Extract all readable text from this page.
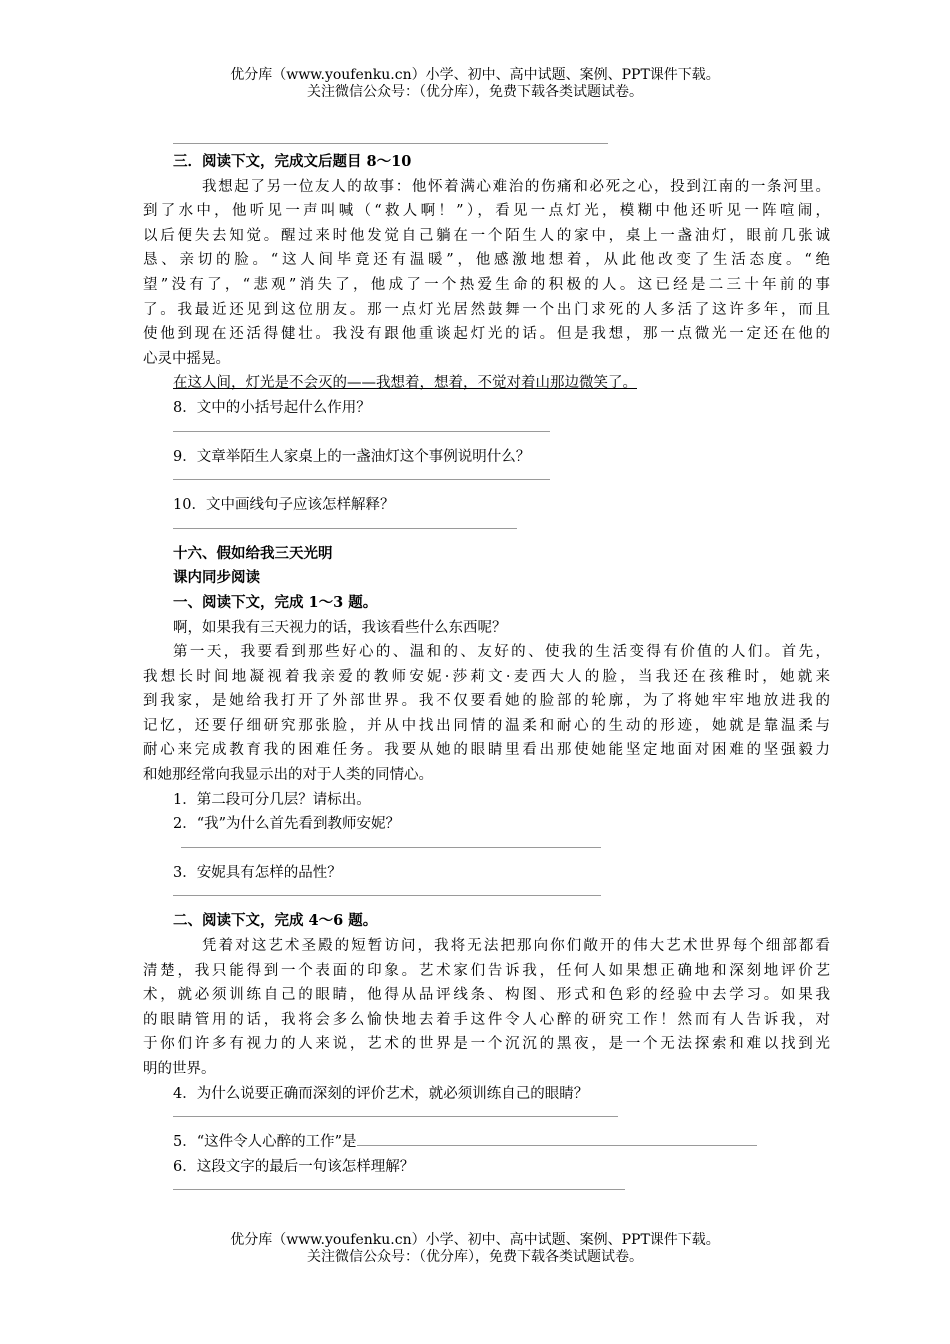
优分库（www.youfenku.cn）小学、初中、高中试题、案例、PPT课件下载。
关注微信公众号：（优分库），免费下载各类试题试卷。
三．阅读下文，完成文后题目 8～10
我想起了另一位友人的故事：他怀着满心难治的伤痛和必死之心，投到江南的一条河里。
到了水中，他听见一声叫喊（“救人啊！”），看见一点灯光，模糊中他还听见一阵喧闹，
以后便失去知觉。醒过来时他发觉自己躺在一个陌生人的家中，桌上一盏油灯，眼前几张诚
恳、亲切的脸。“这人间毕竟还有温暖”，他感激地想着，从此他改变了生活态度。“绝
望”没有了，“悲观”消失了，他成了一个热爱生命的积极的人。这已经是二三十年前的事
了。我最近还见到这位朋友。那一点灯光居然鼓舞一个出门求死的人多活了这许多年，而且
使他到现在还活得健壮。我没有跟他重谈起灯光的话。但是我想，那一点微光一定还在他的
心灵中摇晃。
在这人间，灯光是不会灭的——我想着，想着，不觉对着山那边微笑了。
8．文中的小括号起什么作用？
9．文章举陌生人家桌上的一盏油灯这个事例说明什么？
10．文中画线句子应该怎样解释？
十六、假如给我三天光明
课内同步阅读
一、阅读下文，完成 1～3 题。
啊，如果我有三天视力的话，我该看些什么东西呢？
第一天，我要看到那些好心的、温和的、友好的、使我的生活变得有价值的人们。首先，
我想长时间地凝视着我亲爱的教师安妮·莎莉文·麦西大人的脸，当我还在孩稚时，她就来
到我家，是她给我打开了外部世界。我不仅要看她的脸部的轮廓，为了将她牢牢地放进我的
记忆，还要仔细研究那张脸，并从中找出同情的温柔和耐心的生动的形迹，她就是靠温柔与
耐心来完成教育我的困难任务。我要从她的眼睛里看出那使她能坚定地面对困难的坚强毅力
和她那经常向我显示出的对于人类的同情心。
1．第二段可分几层？请标出。
2．“我”为什么首先看到教师安妮？
3．安妮具有怎样的品性？
二、阅读下文，完成 4～6 题。
凭着对这艺术圣殿的短暂访问，我将无法把那向你们敞开的伟大艺术世界每个细部都看
清楚，我只能得到一个表面的印象。艺术家们告诉我，任何人如果想正确地和深刻地评价艺
术，就必须训练自己的眼睛，他得从品评线条、构图、形式和色彩的经验中去学习。如果我
的眼睛管用的话，我将会多么愉快地去着手这件令人心醉的研究工作！然而有人告诉我，对
于你们许多有视力的人来说，艺术的世界是一个沉沉的黑夜，是一个无法探索和难以找到光
明的世界。
4．为什么说要正确而深刻的评价艺术，就必须训练自己的眼睛？
5．“这件令人心醉的工作”是
6．这段文字的最后一句该怎样理解？
优分库（www.youfenku.cn）小学、初中、高中试题、案例、PPT课件下载。
关注微信公众号：（优分库），免费下载各类试题试卷。
